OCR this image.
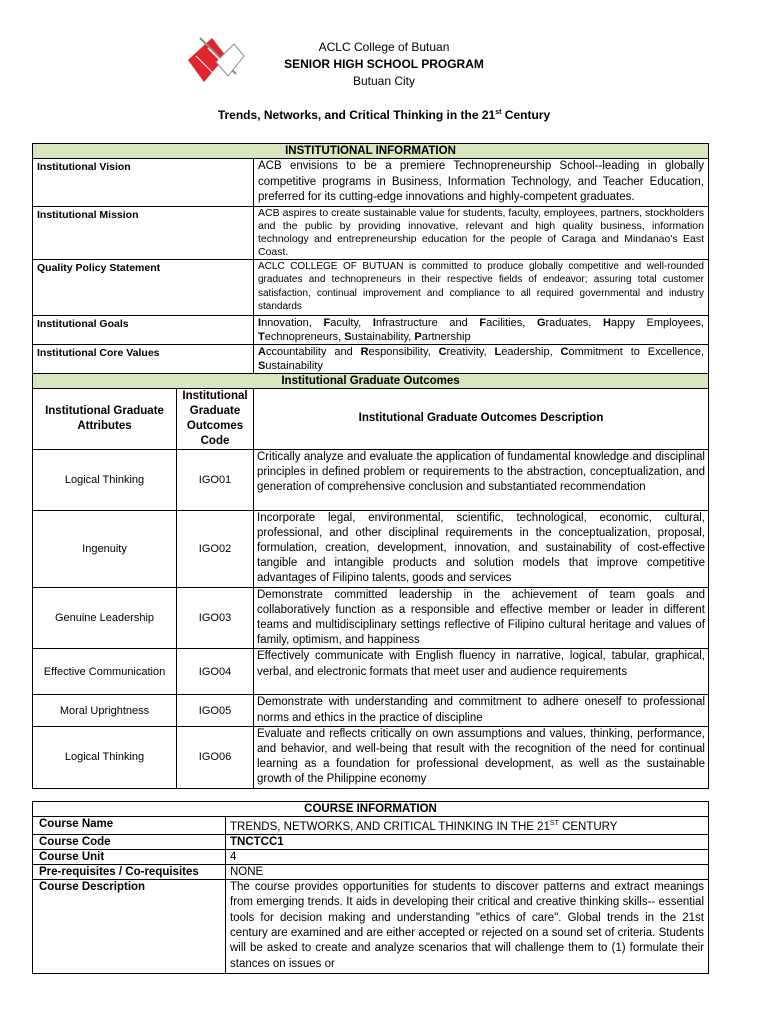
ACLC College of Butuan
SENIOR HIGH SCHOOL PROGRAM
Butuan City
Trends, Networks, and Critical Thinking in the 21st Century
INSTITUTIONAL INFORMATION		
Institutional Vision		ACB envisions to be a premiere Technopreneurship School--leading in globally competitive programs in Business, Information Technology, and Teacher Education, preferred for its cutting-edge innovations and highly-competent graduates.
Institutional Mission		ACB aspires to create sustainable value for students, faculty, employees, partners, stockholders and the public by providing innovative, relevant and high quality business, information technology and entrepreneurship education for the people of Caraga and Mindanao's East Coast.
Quality Policy Statement		ACLC COLLEGE OF BUTUAN is committed to produce globally competitive and well-rounded graduates and technopreneurs in their respective fields of endeavor; assuring total customer satisfaction, continual improvement and compliance to all required governmental and industry standards
Institutional Goals		Innovation, Faculty, Infrastructure and Facilities, Graduates, Happy Employees, Technopreneurs, Sustainability, Partnership
Institutional Core Values		Accountability and Responsibility, Creativity, Leadership, Commitment to Excellence, Sustainability
Institutional Graduate Outcomes		
Institutional Graduate Attributes	Institutional Graduate Outcomes Code	Institutional Graduate Outcomes Description
Logical Thinking	IGO01	Critically analyze and evaluate the application of fundamental knowledge and disciplinal principles in defined problem or requirements to the abstraction, conceptualization, and generation of comprehensive conclusion and substantiated recommendation
Ingenuity	IGO02	Incorporate legal, environmental, scientific, technological, economic, cultural, professional, and other disciplinal requirements in the conceptualization, proposal, formulation, creation, development, innovation, and sustainability of cost-effective tangible and intangible products and solution models that improve competitive advantages of Filipino talents, goods and services
Genuine Leadership	IGO03	Demonstrate committed leadership in the achievement of team goals and collaboratively function as a responsible and effective member or leader in different teams and multidisciplinary settings reflective of Filipino cultural heritage and values of family, optimism, and happiness
Effective Communication	IGO04	Effectively communicate with English fluency in narrative, logical, tabular, graphical, verbal, and electronic formats that meet user and audience requirements
Moral Uprightness	IGO05	Demonstrate with understanding and commitment to adhere oneself to professional norms and ethics in the practice of discipline
Logical Thinking	IGO06	Evaluate and reflects critically on own assumptions and values, thinking, performance, and behavior, and well-being that result with the recognition of the need for continual learning as a foundation for professional development, as well as the sustainable growth of the Philippine economy
COURSE INFORMATION	
Course Name	TRENDS, NETWORKS, AND CRITICAL THINKING IN THE 21ST CENTURY
Course Code	TNCTCC1
Course Unit	4
Pre-requisites / Co-requisites	NONE
Course Description	The course provides opportunities for students to discover patterns and extract meanings from emerging trends. It aids in developing their critical and creative thinking skills-- essential tools for decision making and understanding "ethics of care". Global trends in the 21st century are examined and are either accepted or rejected on a sound set of criteria. Students will be asked to create and analyze scenarios that will challenge them to (1) formulate their stances on issues or
